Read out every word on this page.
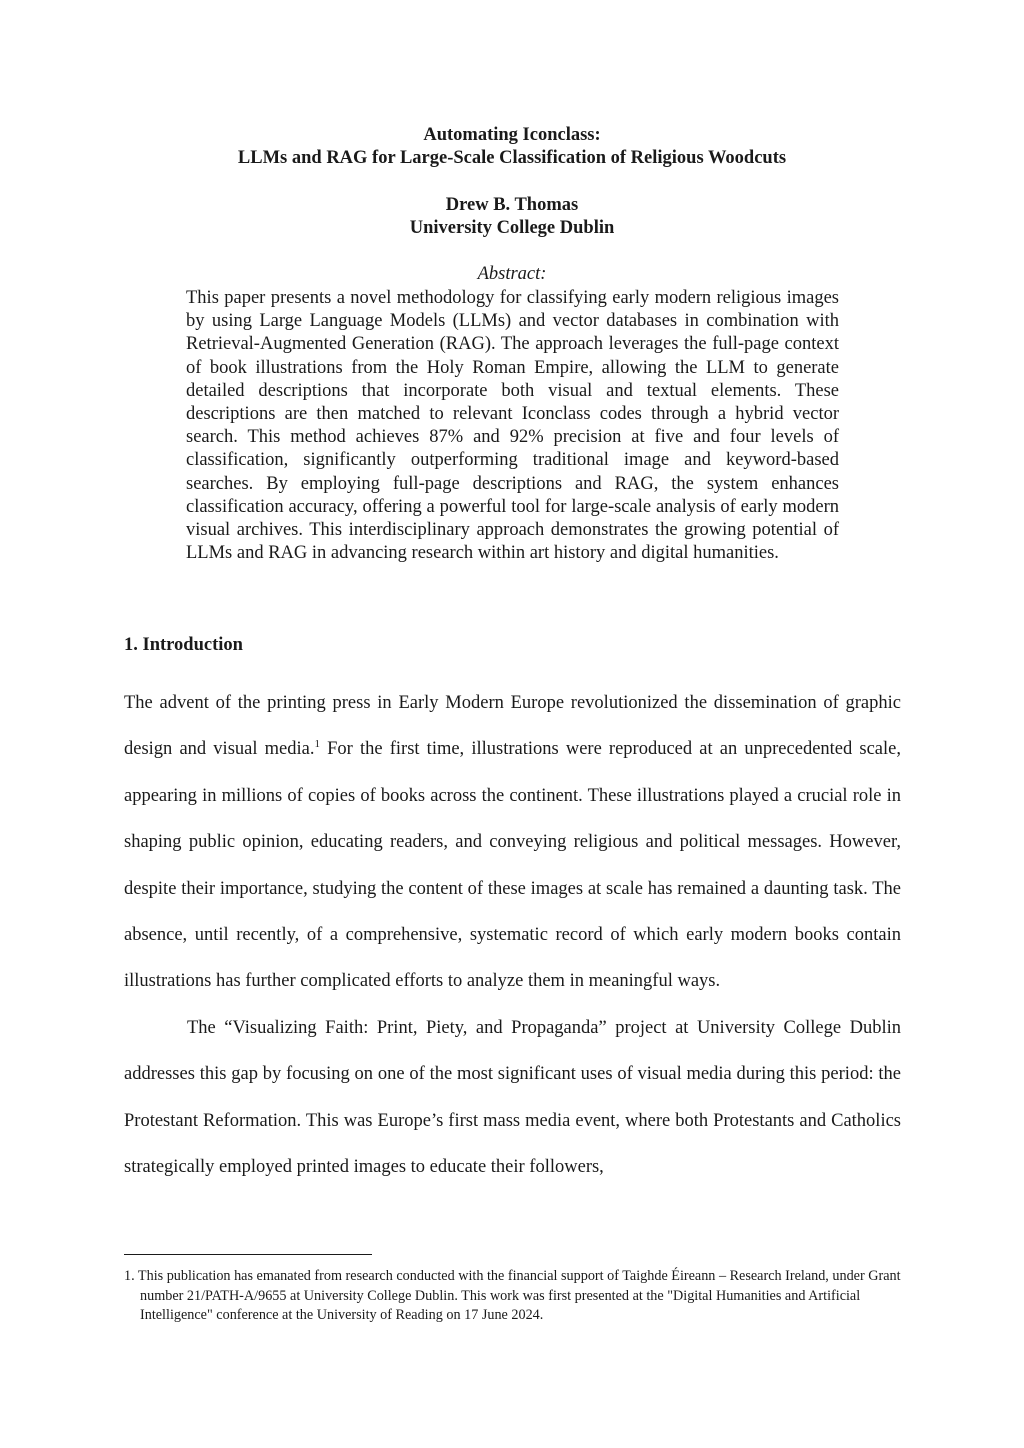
Automating Iconclass:
LLMs and RAG for Large-Scale Classification of Religious Woodcuts
Drew B. Thomas
University College Dublin
Abstract:

This paper presents a novel methodology for classifying early modern religious images by using Large Language Models (LLMs) and vector databases in combination with Retrieval-Augmented Generation (RAG). The approach leverages the full-page context of book illustrations from the Holy Roman Empire, allowing the LLM to generate detailed descriptions that incorporate both visual and textual elements. These descriptions are then matched to relevant Iconclass codes through a hybrid vector search. This method achieves 87% and 92% precision at five and four levels of classification, significantly outperforming traditional image and keyword-based searches. By employing full-page descriptions and RAG, the system enhances classification accuracy, offering a powerful tool for large-scale analysis of early modern visual archives. This interdisciplinary approach demonstrates the growing potential of LLMs and RAG in advancing research within art history and digital humanities.

1. Introduction

The advent of the printing press in Early Modern Europe revolutionized the dissemination of graphic design and visual media.$^1$ For the first time, illustrations were reproduced at an unprecedented scale, appearing in millions of copies of books across the continent. These illustrations played a crucial role in shaping public opinion, educating readers, and conveying religious and political messages. However, despite their importance, studying the content of these images at scale has remained a daunting task. The absence, until recently, of a comprehensive, systematic record of which early modern books contain illustrations has further complicated efforts to analyze them in meaningful ways.

The “Visualizing Faith: Print, Piety, and Propaganda” project at University College Dublin addresses this gap by focusing on one of the most significant uses of visual media during this period: the Protestant Reformation. This was Europe’s first mass media event, where both Protestants and Catholics strategically employed printed images to educate their followers,

1. This publication has emanated from research conducted with the financial support of Taighde Éireann – Research Ireland, under Grant number 21/PATH-A/9655 at University College Dublin. This work was first presented at the "Digital Humanities and Artificial Intelligence" conference at the University of Reading on 17 June 2024.
